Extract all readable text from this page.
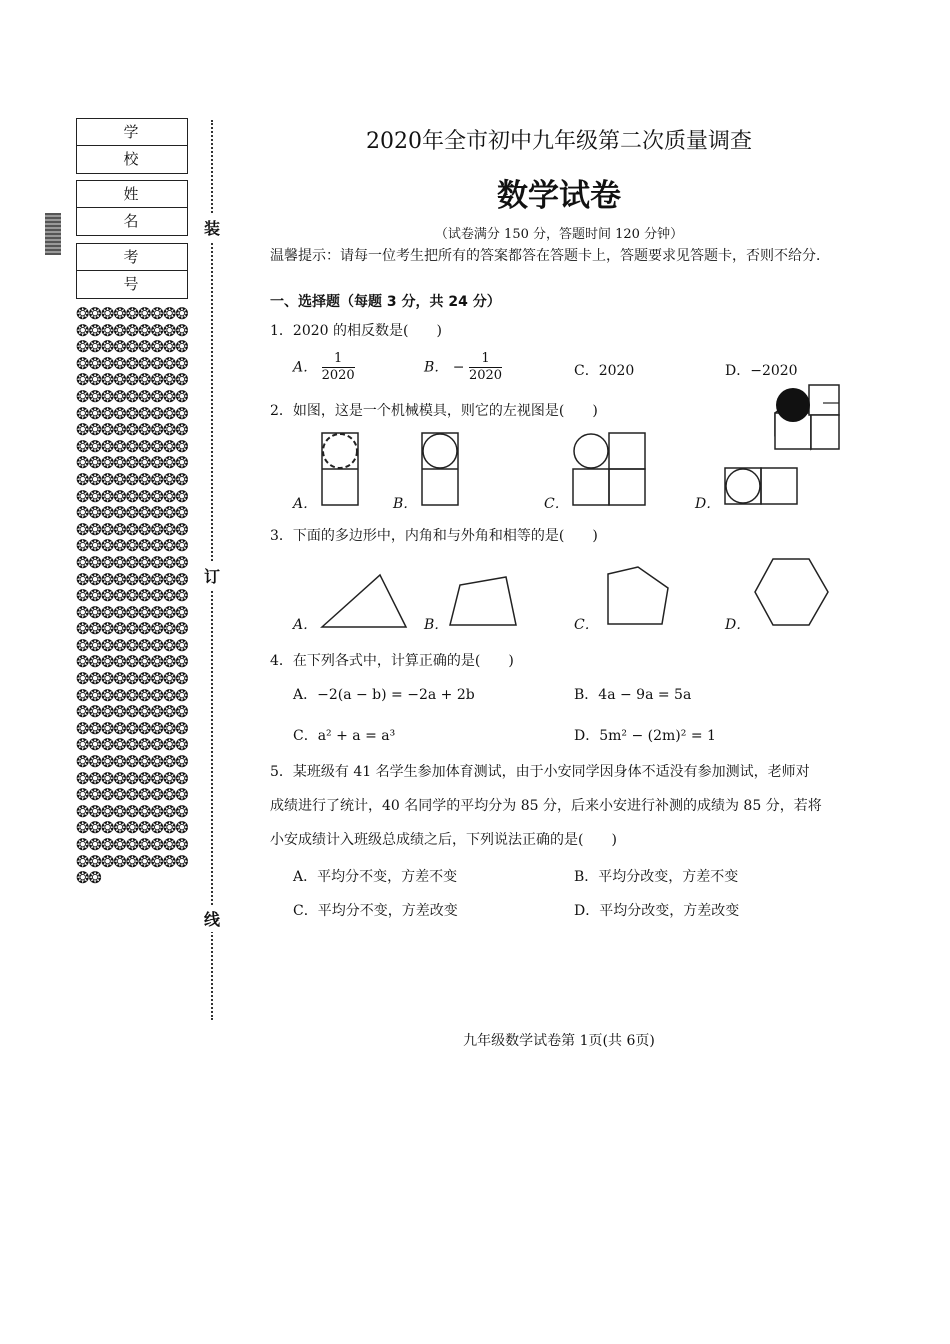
学校
姓名
考号
❂❂❂❂❂❂❂❂❂❂❂❂❂❂❂❂❂❂❂❂❂❂❂❂❂❂❂❂❂❂❂❂❂❂❂❂❂❂❂❂❂❂❂❂❂❂❂❂❂❂❂❂❂❂❂❂❂❂❂❂❂❂❂❂❂❂❂❂❂❂❂❂❂❂❂❂❂❂❂❂❂❂❂❂❂❂❂❂❂❂❂❂❂❂❂❂❂❂❂❂❂❂❂❂❂❂❂❂❂❂❂❂❂❂❂❂❂❂❂❂❂❂❂❂❂❂❂❂❂❂❂❂❂❂❂❂❂❂❂❂❂❂❂❂❂❂❂❂❂❂❂❂❂❂❂❂❂❂❂❂❂❂❂❂❂❂❂❂❂❂❂❂❂❂❂❂❂❂❂❂❂❂❂❂❂❂❂❂❂❂❂❂❂❂❂❂❂❂❂❂❂❂❂❂❂❂❂❂❂❂❂❂❂❂❂❂❂❂❂❂❂❂❂❂❂❂❂❂❂❂❂❂❂❂❂❂❂❂❂❂❂❂❂❂❂❂❂❂❂❂❂❂❂❂❂❂❂❂❂❂❂❂❂❂❂❂❂❂❂❂❂❂❂❂❂❂❂❂❂❂❂❂❂❂❂❂❂❂❂❂❂❂❂❂❂❂❂❂❂❂❂❂❂❂❂❂❂❂
装
订
线
2020年全市初中九年级第二次质量调查
数学试卷
（试卷满分 150 分，答题时间 120 分钟）
温馨提示：请每一位考生把所有的答案都答在答题卡上，答题要求见答题卡，否则不给分．
一、选择题（每题 3 分，共 24 分）
1．2020 的相反数是(　　)
A． $\frac{1}{2020}$	B． − $\frac{1}{2020}$	C．2020	D．−2020
2．如图，这是一个机械模具，则它的左视图是(　　)
A．	B．	C．	D．
3．下面的多边形中，内角和与外角和相等的是(　　)
A．	B．	C．	D．
4．在下列各式中，计算正确的是(　　)
A．−2(a − b) = −2a + 2b	B．4a − 9a = 5a
C．a² + a = a³	D．5m² − (2m)² = 1
5．某班级有 41 名学生参加体育测试，由于小安同学因身体不适没有参加测试，老师对
成绩进行了统计，40 名同学的平均分为 85 分，后来小安进行补测的成绩为 85 分，若将
小安成绩计入班级总成绩之后，下列说法正确的是(　　)
A．平均分不变，方差不变	B．平均分改变，方差不变
C．平均分不变，方差改变	D．平均分改变，方差改变
九年级数学试卷第 1页(共 6页)
